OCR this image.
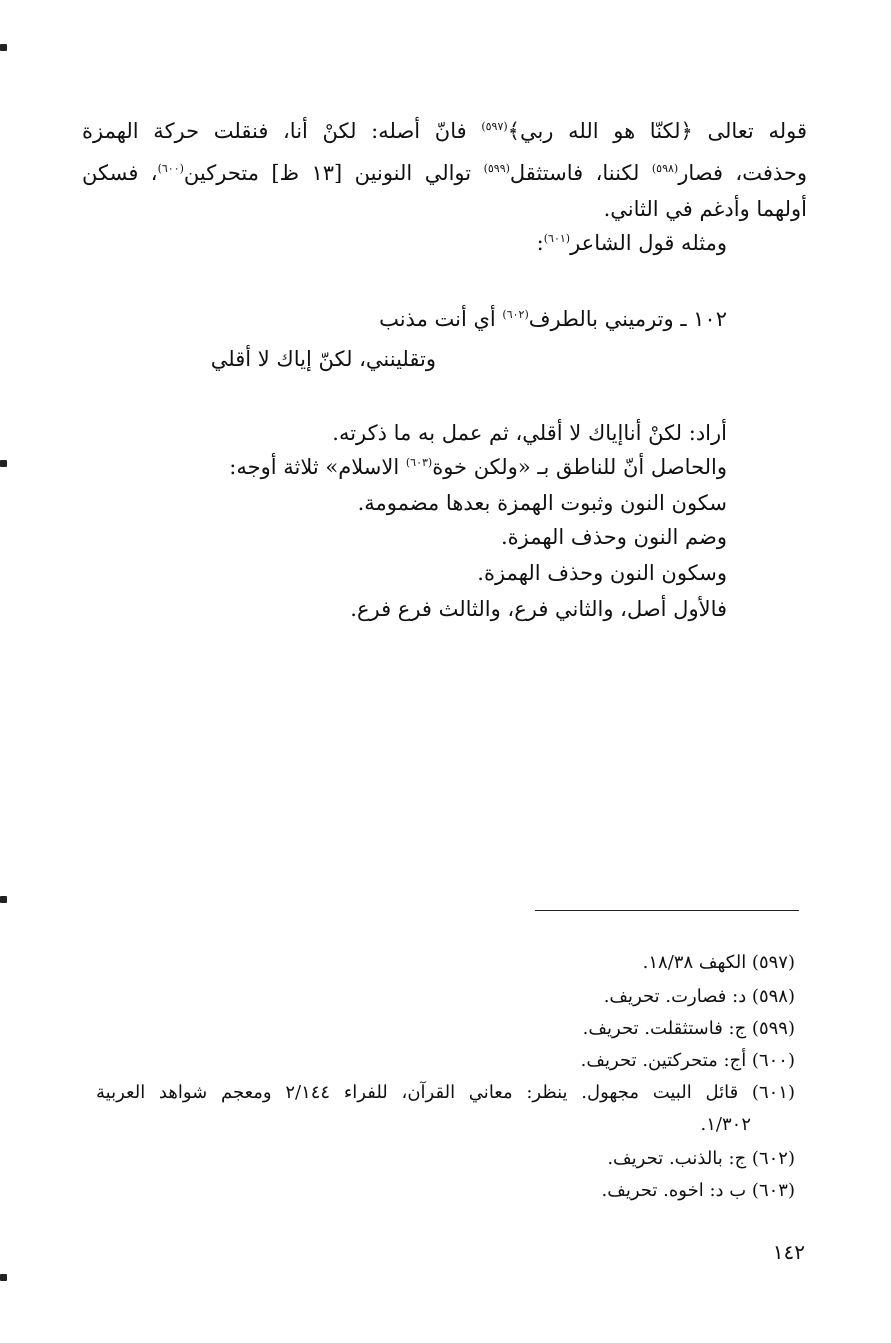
قوله تعالى ﴿لكنّا هو الله ربي﴾$^{(٥٩٧)}$ فانّ أصله: لكنْ أنا، فنقلت حركة الهمزة
وحذفت، فصار$^{(٥٩٨)}$ لكننا، فاستثقل$^{(٥٩٩)}$ توالي النونين [١٣ ظ] متحركين$^{(٦٠٠)}$، فسكن
أولهما وأدغم في الثاني.
ومثله قول الشاعر$^{(٦٠١)}$:
١٠٢ ـ وترميني بالطرف$^{(٦٠٢)}$ أي أنت مذنب
وتقلينني، لكنّ إياك لا أقلي
أراد: لكنْ أناإياك لا أقلي، ثم عمل به ما ذكرته.
والحاصل أنّ للناطق بـ «ولكن خوة$^{(٦٠٣)}$ الاسلام» ثلاثة أوجه:
سكون النون وثبوت الهمزة بعدها مضمومة.
وضم النون وحذف الهمزة.
وسكون النون وحذف الهمزة.
فالأول أصل، والثاني فرع، والثالث فرع فرع.
(٥٩٧) الكهف ١٨/٣٨.
(٥٩٨) د: فصارت. تحريف.
(٥٩٩) ج: فاستثقلت. تحريف.
(٦٠٠) أج: متحركتين. تحريف.
(٦٠١) قائل البيت مجهول. ينظر: معاني القرآن، للفراء ٢/١٤٤ ومعجم شواهد العربية
١/٣٠٢.
(٦٠٢) ج: بالذنب. تحريف.
(٦٠٣) ب د: اخوه. تحريف.
١٤٢
